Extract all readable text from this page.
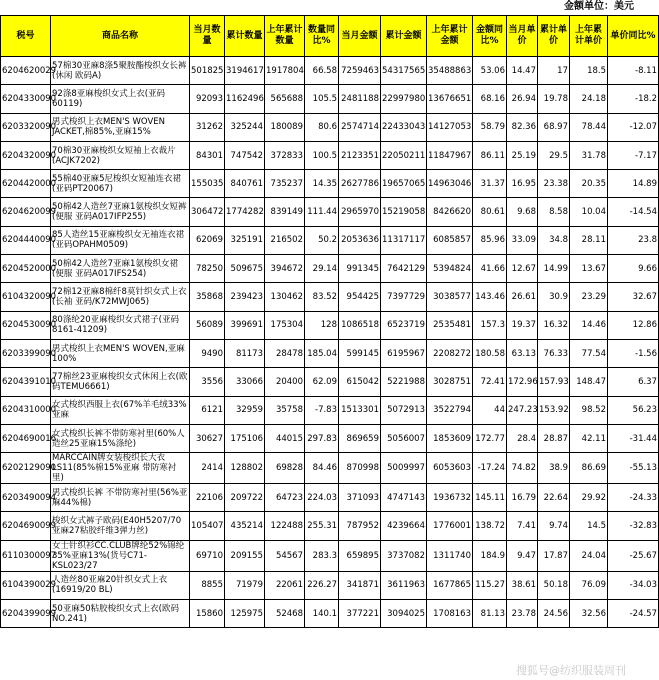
金额单位：美元
税号	商品名称	当月数量	累计数量	上年累计数量	数量同比%	当月金额	累计金额	上年累计金额	金额同比%	当月单价	累计单价	上年累计单价	单价同比%
6204620029	57棉30亚麻8涤5聚胺酯梭织女长裤(休闲 欧码A)	501825	3194617	1917804	66.58	7259463	54317565	35488863	53.06	14.47	17	18.5	-8.11
6204330090	92涤8亚麻梭织女式上衣(亚码 60119)	92093	1162496	565688	105.5	2481188	22997980	13676651	68.16	26.94	19.78	24.18	-18.2
6203320090	男式梭织上衣MEN'S WOVEN JACKET,棉85%,亚麻15%	31262	325244	180089	80.6	2574714	22433043	14127053	58.79	82.36	68.97	78.44	-12.07
6204320090	70棉30亚麻梭织女短袖上衣裁片(ACJK7202)	84301	747542	372833	100.5	2123351	22050211	11847967	86.11	25.19	29.5	31.78	-7.17
6204420000	55棉40亚麻5尼梭织女短袖连衣裙(亚码PT20067)	155035	840761	735237	14.35	2627786	19657065	14963046	31.37	16.95	23.38	20.35	14.89
6204620099	50棉42人造丝7亚麻1氨梭织女短裤(便服 亚码A017IFP255)	306472	1774282	839149	111.44	2965970	15219058	8426620	80.61	9.68	8.58	10.04	-14.54
6204440090	85人造丝15亚麻梭织女无袖连衣裙(亚码OPAHM0509)	62069	325191	216502	50.2	2053636	11317117	6085857	85.96	33.09	34.8	28.11	23.8
6204520000	50棉42人造丝7亚麻1氨梭织女裙(便服 亚码A017IFS254)	78250	509675	394672	29.14	991345	7642129	5394824	41.66	12.67	14.99	13.67	9.66
6104320090	72棉12亚麻8棉纤8莫针织女式上衣(长袖 亚码/K72MWJ065)	35868	239423	130462	83.52	954425	7397729	3038577	143.46	26.61	30.9	23.29	32.67
6204530090	80涤纶20亚麻梭织女式裙子(亚码 8161-41209)	56089	399691	175304	128	1086518	6523719	2535481	157.3	19.37	16.32	14.46	12.86
6203399090	男式梭织上衣MEN'S WOVEN,亚麻100%	9490	81173	28478	185.04	599145	6195967	2208272	180.58	63.13	76.33	77.54	-1.56
6204391010	77棉丝23亚麻梭织女式休闲上衣(欧码TEMU6661)	3556	33066	20400	62.09	615042	5221988	3028751	72.41	172.96	157.93	148.47	6.37
6204310000	女式梭织西服上衣(67%羊毛绒33%亚麻	6121	32959	35758	-7.83	1513301	5072913	3522794	44	247.23	153.92	98.52	56.23
6204690016	女式梭织长裤不带防寒衬里(60%人造丝25亚麻15%涤纶)	30627	175106	44015	297.83	869659	5056007	1853609	172.77	28.4	28.87	42.11	-31.44
6202129090	MARCCAIN牌女装梭织长大衣LS11(85%棉15%亚麻 带防寒衬里)	2414	128802	69828	84.46	870998	5009997	6053603	-17.24	74.82	38.9	86.69	-55.13
6203490094	男式梭织长裤 不带防寒衬里(56%亚麻44%棉)	22106	209722	64723	224.03	371093	4747143	1936732	145.11	16.79	22.64	29.92	-24.33
6204690099	梭织女式裤子欧码(E40H5207/70亚麻27粘胶纤维3弹力丝)	105407	435214	122488	255.31	787952	4239664	1776001	138.72	7.41	9.74	14.5	-32.83
6110300097	女士针织衫CC.CLUB牌纶52%锦纶35%亚麻13%(货号C71-KSL023/27	69710	209155	54567	283.3	659895	3737082	1311740	184.9	9.47	17.87	24.04	-25.67
6104390029	人造丝80亚麻20针织女式上衣(16919/20 BL)	8855	71979	22061	226.27	341871	3611963	1677865	115.27	38.61	50.18	76.09	-34.03
6204399099	50亚麻50粘胶梭织女式上衣(欧码NO.241)	15860	125975	52468	140.1	377221	3094025	1708163	81.13	23.78	24.56	32.56	-24.57
搜狐号@纺织服装周刊
